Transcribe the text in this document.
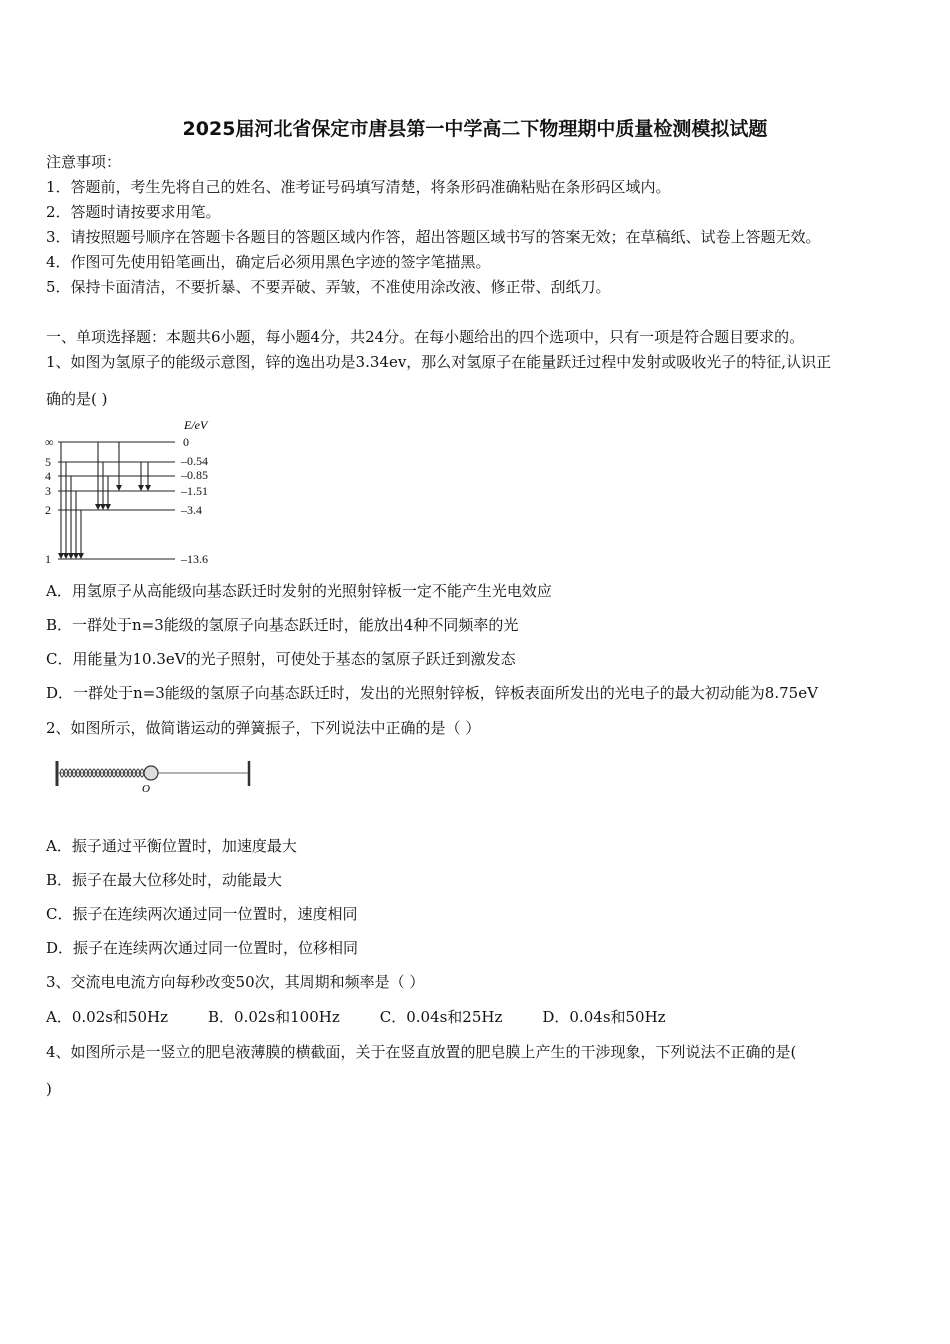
2025届河北省保定市唐县第一中学高二下物理期中质量检测模拟试题
注意事项：
1．答题前，考生先将自己的姓名、准考证号码填写清楚，将条形码准确粘贴在条形码区域内。
2．答题时请按要求用笔。
3．请按照题号顺序在答题卡各题目的答题区域内作答，超出答题区域书写的答案无效；在草稿纸、试卷上答题无效。
4．作图可先使用铅笔画出，确定后必须用黑色字迹的签字笔描黑。
5．保持卡面清洁，不要折暴、不要弄破、弄皱，不准使用涂改液、修正带、刮纸刀。
一、单项选择题：本题共6小题，每小题4分，共24分。在每小题给出的四个选项中，只有一项是符合题目要求的。
1、如图为氢原子的能级示意图，锌的逸出功是3.34ev，那么对氢原子在能量跃迁过程中发射或吸收光子的特征,认识正
确的是( )
E/eV
∞
5
4
3
2
1
0
–0.54
–0.85
–1.51
–3.4
–13.6
A．用氢原子从高能级向基态跃迁时发射的光照射锌板一定不能产生光电效应
B．一群处于n=3能级的氢原子向基态跃迁时，能放出4种不同频率的光
C．用能量为10.3eV的光子照射，可使处于基态的氢原子跃迁到激发态
D．一群处于n=3能级的氢原子向基态跃迁时，发出的光照射锌板，锌板表面所发出的光电子的最大初动能为8.75eV
2、如图所示，做简谐运动的弹簧振子，下列说法中正确的是（ ）
O
A．振子通过平衡位置时，加速度最大
B．振子在最大位移处时，动能最大
C．振子在连续两次通过同一位置时，速度相同
D．振子在连续两次通过同一位置时，位移相同
3、交流电电流方向每秒改变50次，其周期和频率是（ ）
A．0.02s和50Hz	B．0.02s和100Hz	C．0.04s和25Hz	D．0.04s和50Hz
4、如图所示是一竖立的肥皂液薄膜的横截面，关于在竖直放置的肥皂膜上产生的干涉现象，下列说法不正确的是(
)
